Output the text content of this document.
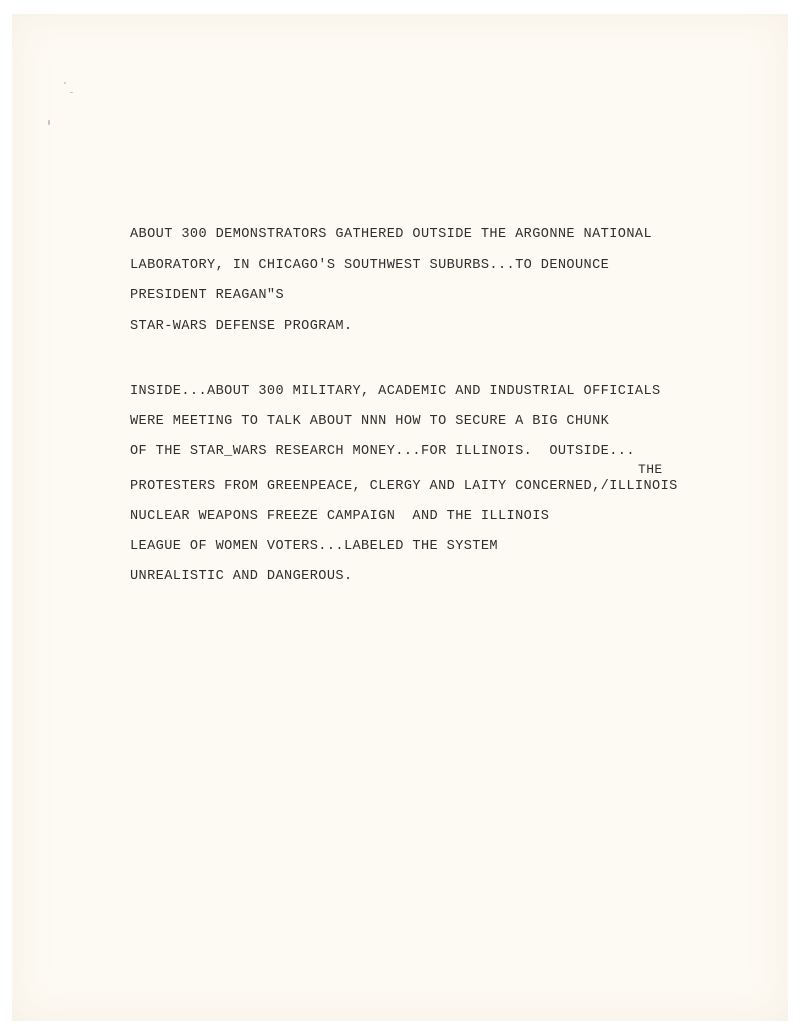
ABOUT 300 DEMONSTRATORS GATHERED OUTSIDE THE ARGONNE NATIONAL
LABORATORY, IN CHICAGO'S SOUTHWEST SUBURBS...TO DENOUNCE
PRESIDENT REAGAN"S
STAR-WARS DEFENSE PROGRAM.
INSIDE...ABOUT 300 MILITARY, ACADEMIC AND INDUSTRIAL OFFICIALS
WERE MEETING TO TALK ABOUT NNN HOW TO SECURE A BIG CHUNK
OF THE STAR_WARS RESEARCH MONEY...FOR ILLINOIS.  OUTSIDE...
THE
PROTESTERS FROM GREENPEACE, CLERGY AND LAITY CONCERNED,/ILLINOIS
NUCLEAR WEAPONS FREEZE CAMPAIGN  AND THE ILLINOIS
LEAGUE OF WOMEN VOTERS...LABELED THE SYSTEM
UNREALISTIC AND DANGEROUS.
